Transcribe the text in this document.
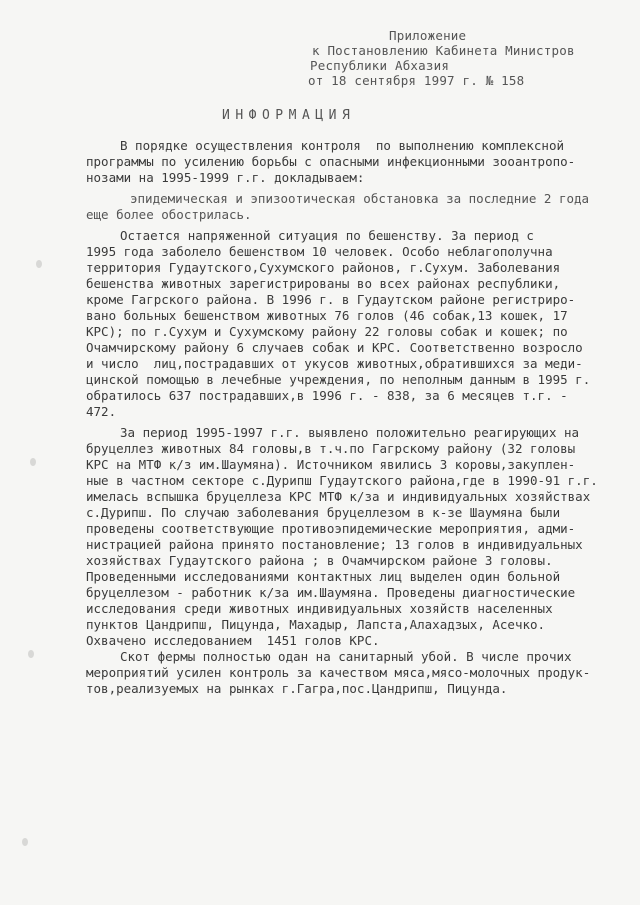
Приложение
к Постановлению Кабинета Министров
Республики Абхазия
от 18 сентября 1997 г. № 158
ИНФОРМАЦИЯ
В порядке осуществления контроля  по выполнению комплексной
программы по усилению борьбы с опасными инфекционными зооантропо-
нозами на 1995-1999 г.г. докладываем:
эпидемическая и эпизоотическая обстановка за последние 2 года
еще более обострилась.
Остается напряженной ситуация по бешенству. За период с
1995 года заболело бешенством 10 человек. Особо неблагополучна
территория Гудаутского,Сухумского районов, г.Сухум. Заболевания
бешенства животных зарегистрированы во всех районах республики,
кроме Гагрского района. В 1996 г. в Гудаутском районе регистриро-
вано больных бешенством животных 76 голов (46 собак,13 кошек, 17
КРС); по г.Сухум и Сухумскому району 22 головы собак и кошек; по
Очамчирскому району 6 случаев собак и КРС. Соответственно возросло
и число  лиц,пострадавших от укусов животных,обратившихся за меди-
цинской помощью в лечебные учреждения, по неполным данным в 1995 г.
обратилось 637 пострадавших,в 1996 г. - 838, за 6 месяцев т.г. -
472.
За период 1995-1997 г.г. выявлено положительно реагирующих на
бруцеллез животных 84 головы,в т.ч.по Гагрскому району (32 головы
КРС на МТФ к/з им.Шаумяна). Источником явились 3 коровы,закуплен-
ные в частном секторе с.Дурипш Гудаутского района,где в 1990-91 г.г.
имелась вспышка бруцеллеза КРС МТФ к/за и индивидуальных хозяйствах
с.Дурипш. По случаю заболевания бруцеллезом в к-зе Шаумяна были
проведены соответствующие противоэпидемические мероприятия, адми-
нистрацией района принято постановление; 13 голов в индивидуальных
хозяйствах Гудаутского района ; в Очамчирском районе 3 головы.
Проведенными исследованиями контактных лиц выделен один больной
бруцеллезом - работник к/за им.Шаумяна. Проведены диагностические
исследования среди животных индивидуальных хозяйств населенных
пунктов Цандрипш, Пицунда, Махадыр, Лапста,Алахадзых, Асечко.
Охвачено исследованием  1451 голов КРС.
Скот фермы полностью одан на санитарный убой. В числе прочих
мероприятий усилен контроль за качеством мяса,мясо-молочных продук-
тов,реализуемых на рынках г.Гагра,пос.Цандрипш, Пицунда.
